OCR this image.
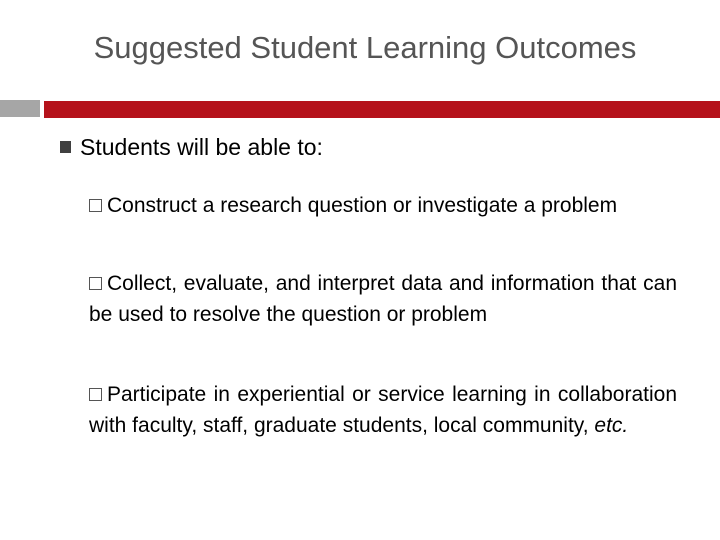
Suggested Student Learning Outcomes
Students will be able to:
Construct a research question or investigate a problem
Collect, evaluate, and interpret data and information that can be used to resolve the question or problem
Participate in experiential or service learning in collaboration with faculty, staff, graduate students, local community, etc.
